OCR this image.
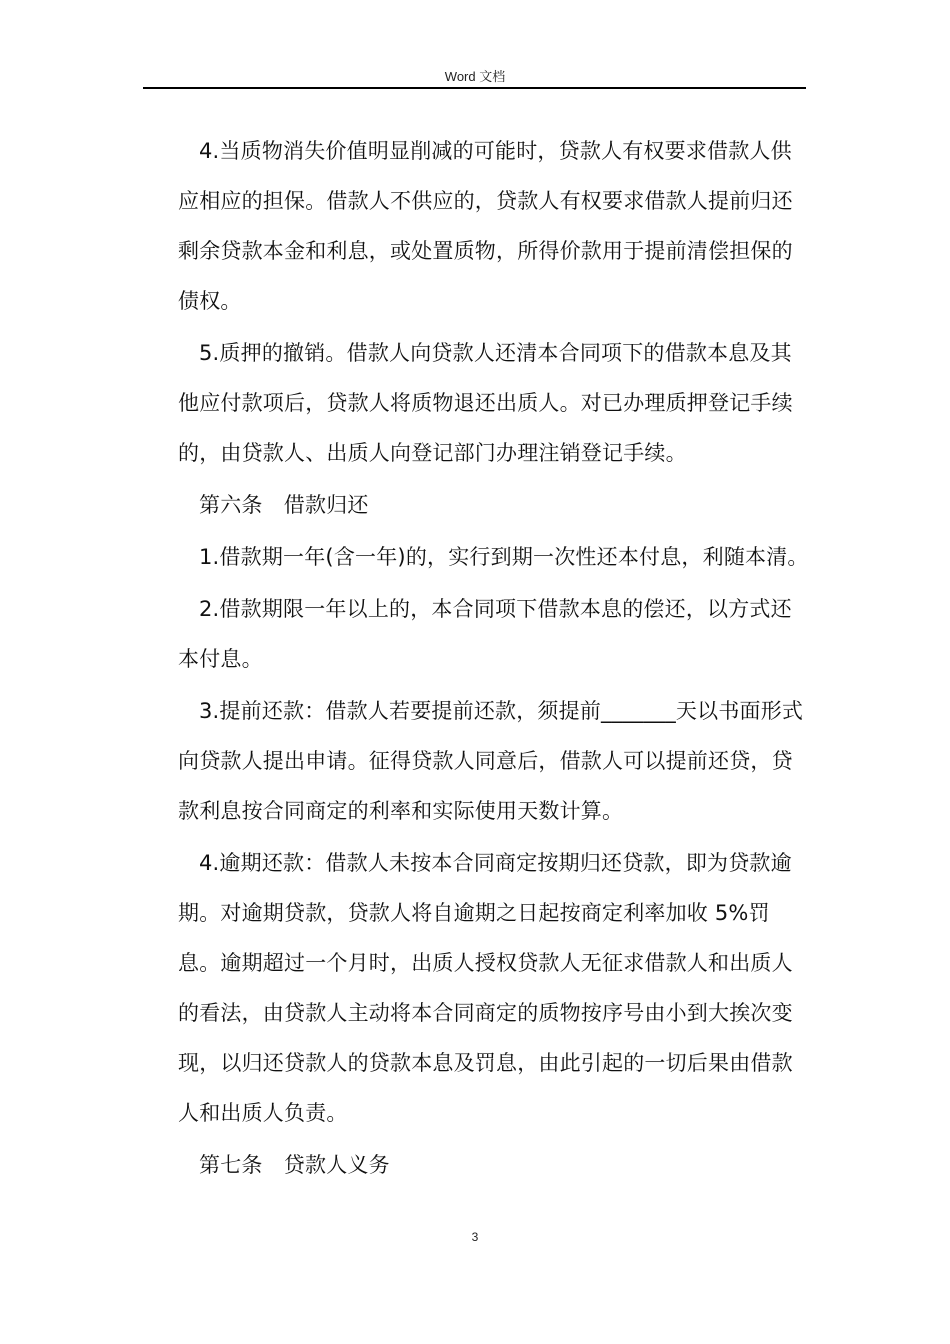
Word 文档

4.当质物消失价值明显削减的可能时，贷款人有权要求借款人供应相应的担保。借款人不供应的，贷款人有权要求借款人提前归还剩余贷款本金和利息，或处置质物，所得价款用于提前清偿担保的债权。

5.质押的撤销。借款人向贷款人还清本合同项下的借款本息及其他应付款项后，贷款人将质物退还出质人。对已办理质押登记手续的，由贷款人、出质人向登记部门办理注销登记手续。

第六条　借款归还

1.借款期一年(含一年)的，实行到期一次性还本付息，利随本清。

2.借款期限一年以上的，本合同项下借款本息的偿还，以方式还本付息。

3.提前还款：借款人若要提前还款，须提前_______天以书面形式向贷款人提出申请。征得贷款人同意后，借款人可以提前还贷，贷款利息按合同商定的利率和实际使用天数计算。

4.逾期还款：借款人未按本合同商定按期归还贷款，即为贷款逾期。对逾期贷款，贷款人将自逾期之日起按商定利率加收 5%罚息。逾期超过一个月时，出质人授权贷款人无征求借款人和出质人的看法，由贷款人主动将本合同商定的质物按序号由小到大挨次变现，以归还贷款人的贷款本息及罚息，由此引起的一切后果由借款人和出质人负责。

第七条　贷款人义务

3
